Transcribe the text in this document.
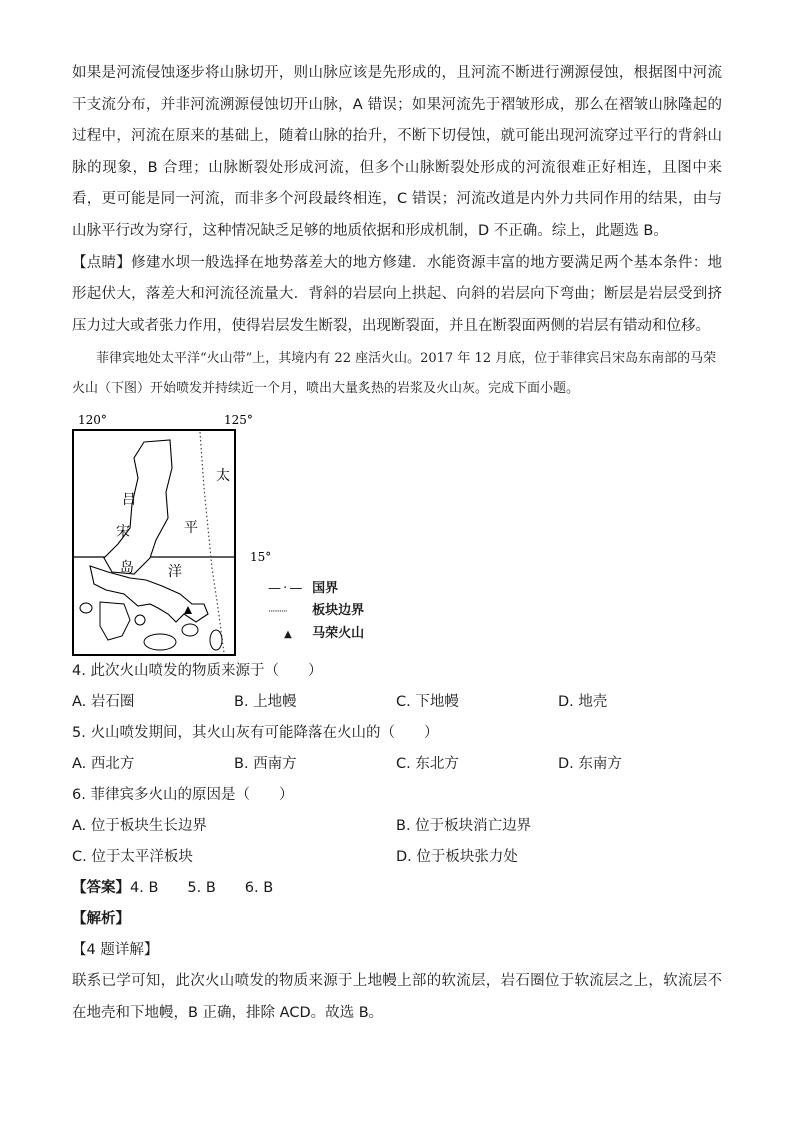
如果是河流侵蚀逐步将山脉切开，则山脉应该是先形成的，且河流不断进行溯源侵蚀，根据图中河流干支流分布，并非河流溯源侵蚀切开山脉，A 错误；如果河流先于褶皱形成，那么在褶皱山脉隆起的过程中，河流在原来的基础上，随着山脉的抬升，不断下切侵蚀，就可能出现河流穿过平行的背斜山脉的现象，B 合理；山脉断裂处形成河流，但多个山脉断裂处形成的河流很难正好相连，且图中来看，更可能是同一河流，而非多个河段最终相连，C 错误；河流改道是内外力共同作用的结果，由与山脉平行改为穿行，这种情况缺乏足够的地质依据和形成机制，D 不正确。综上，此题选 B。

【点睛】修建水坝一般选择在地势落差大的地方修建．水能资源丰富的地方要满足两个基本条件：地形起伏大，落差大和河流径流量大．背斜的岩层向上拱起、向斜的岩层向下弯曲；断层是岩层受到挤压力过大或者张力作用，使得岩层发生断裂，出现断裂面，并且在断裂面两侧的岩层有错动和位移。

菲律宾地处太平洋“火山带”上，其境内有 22 座活火山。2017 年 12 月底，位于菲律宾吕宋岛东南部的马荣火山（下图）开始喷发并持续近一个月，喷出大量炙热的岩浆及火山灰。完成下面小题。

120°	125°
15°
吕
宋
岛
太
平
洋
— · — 国界
·········· 板块边界
▲ 马荣火山

4. 此次火山喷发的物质来源于（　　）

A. 岩石圈	B. 上地幔	C. 下地幔	D. 地壳

5. 火山喷发期间，其火山灰有可能降落在火山的（　　）

A. 西北方	B. 西南方	C. 东北方	D. 东南方

6. 菲律宾多火山的原因是（　　）

A. 位于板块生长边界	B. 位于板块消亡边界
C. 位于太平洋板块	D. 位于板块张力处

【答案】4. B　　5. B　　6. B

【解析】

【4 题详解】

联系已学可知，此次火山喷发的物质来源于上地幔上部的软流层，岩石圈位于软流层之上，软流层不在地壳和下地幔，B 正确，排除 ACD。故选 B。
